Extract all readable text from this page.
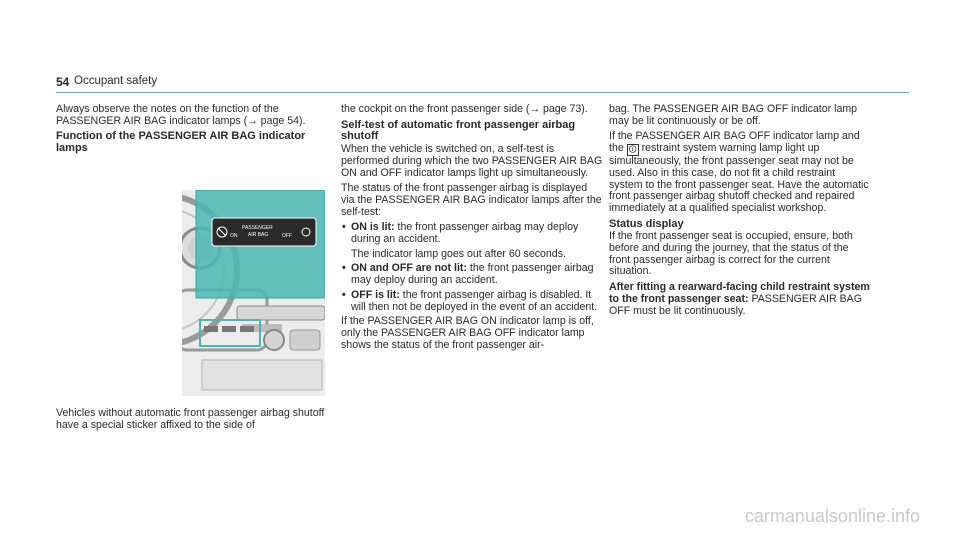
54 Occupant safety

Always observe the notes on the function of the PASSENGER AIR BAG indicator lamps (→ page 54).

Function of the PASSENGER AIR BAG indicator lamps
ON
PASSENGER
AIR BAG	OFF

Vehicles without automatic front passenger airbag shutoff have a special sticker affixed to the side of

the cockpit on the front passenger side (→ page 73).

Self-test of automatic front passenger airbag shutoff

When the vehicle is switched on, a self-test is performed during which the two PASSENGER AIR BAG ON and OFF indicator lamps light up simultaneously.

The status of the front passenger airbag is displayed via the PASSENGER AIR BAG indicator lamps after the self-test:

• ON is lit: the front passenger airbag may deploy during an accident.
The indicator lamp goes out after 60 seconds.
• ON and OFF are not lit: the front passenger airbag may deploy during an accident.
• OFF is lit: the front passenger airbag is disabled. It will then not be deployed in the event of an accident.

If the PASSENGER AIR BAG ON indicator lamp is off, only the PASSENGER AIR BAG OFF indicator lamp shows the status of the front passenger air-

bag. The PASSENGER AIR BAG OFF indicator lamp may be lit continuously or be off.

If the PASSENGER AIR BAG OFF indicator lamp and the 🛈 restraint system warning lamp light up simultaneously, the front passenger seat may not be used. Also in this case, do not fit a child restraint system to the front passenger seat. Have the automatic front passenger airbag shutoff checked and repaired immediately at a qualified specialist workshop.

Status display

If the front passenger seat is occupied, ensure, both before and during the journey, that the status of the front passenger airbag is correct for the current situation.

After fitting a rearward-facing child restraint system to the front passenger seat: PASSENGER AIR BAG OFF must be lit continuously.

carmanualsonline.info
